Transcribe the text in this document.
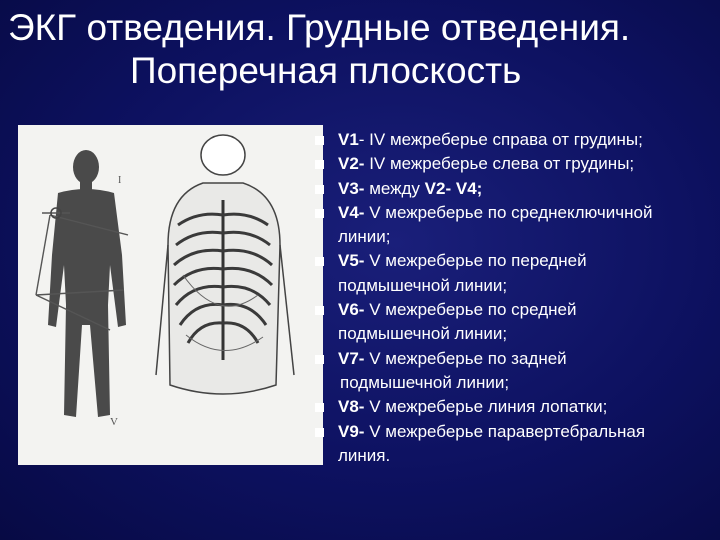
ЭКГ отведения. Грудные отведения.
Поперечная плоскость
V
I
V1- IV межреберье справа от грудины;
V2- IV межреберье слева от грудины;
V3- между V2- V4;
V4- V межреберье по среднеключичной
линии;
V5- V межреберье по передней
подмышечной линии;
V6- V межреберье по средней
подмышечной линии;
V7- V межреберье по задней
подмышечной линии;
V8- V межреберье линия лопатки;
V9- V межреберье паравертебральная
линия.
